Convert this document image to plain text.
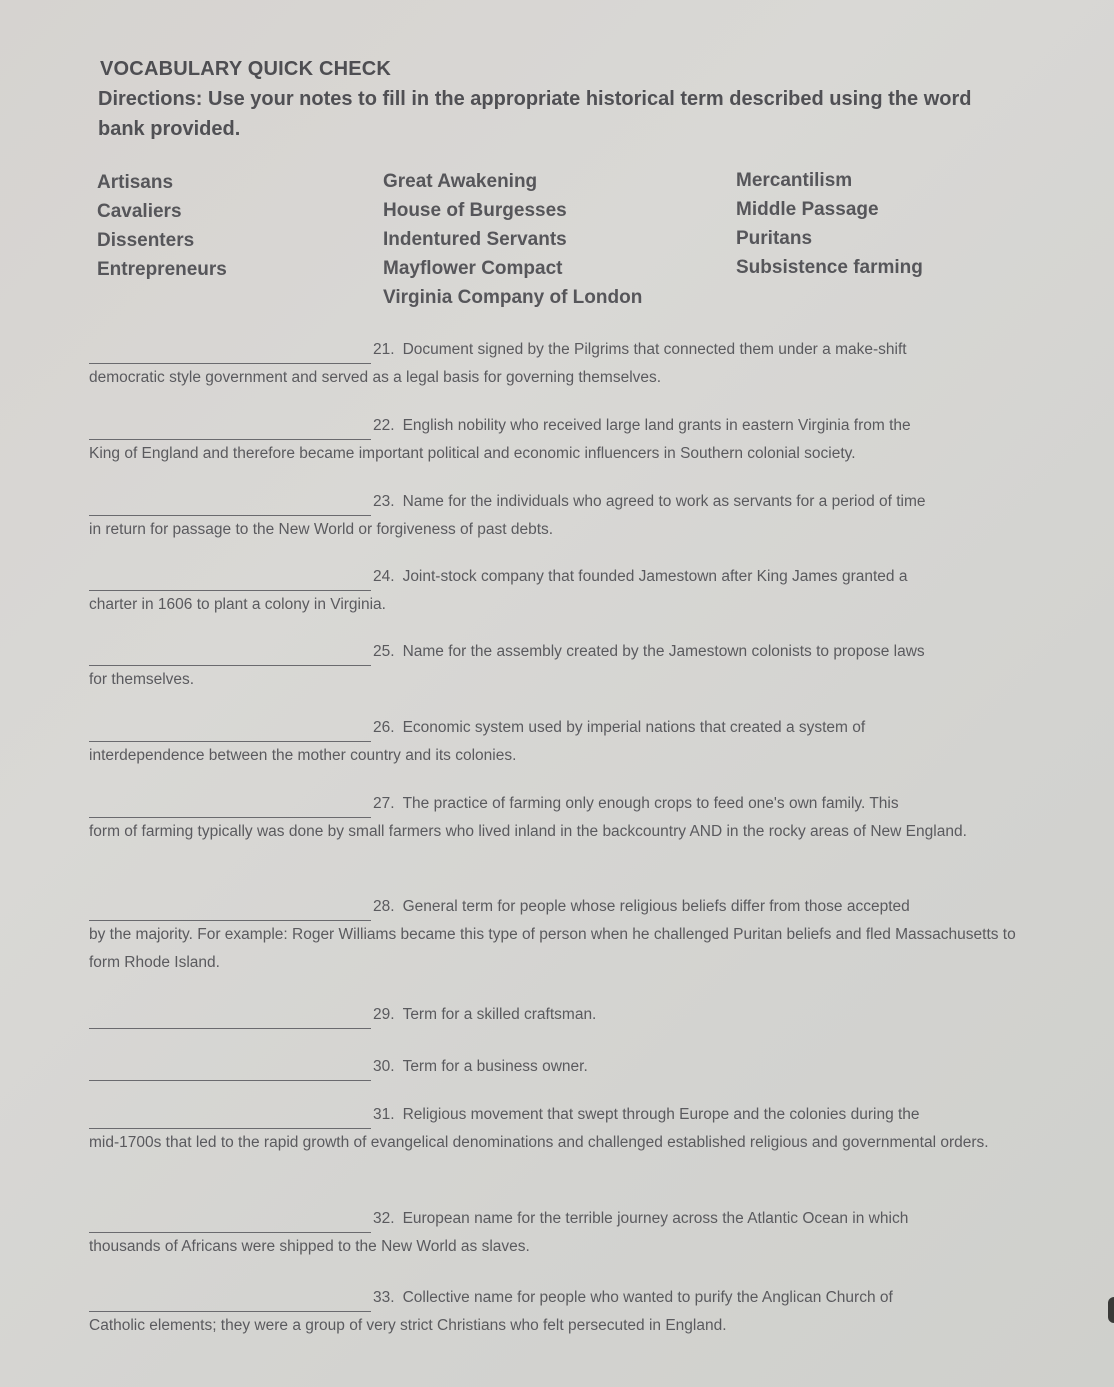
VOCABULARY QUICK CHECK
Directions: Use your notes to fill in the appropriate historical term described using the word bank provided.
Artisans
Cavaliers
Dissenters
Entrepreneurs
Great Awakening
House of Burgesses
Indentured Servants
Mayflower Compact
Virginia Company of London
Mercantilism
Middle Passage
Puritans
Subsistence farming
21. Document signed by the Pilgrims that connected them under a make-shift
democratic style government and served as a legal basis for governing themselves.
22. English nobility who received large land grants in eastern Virginia from the
King of England and therefore became important political and economic influencers in Southern colonial society.
23. Name for the individuals who agreed to work as servants for a period of time
in return for passage to the New World or forgiveness of past debts.
24. Joint-stock company that founded Jamestown after King James granted a
charter in 1606 to plant a colony in Virginia.
25. Name for the assembly created by the Jamestown colonists to propose laws
for themselves.
26. Economic system used by imperial nations that created a system of
interdependence between the mother country and its colonies.
27. The practice of farming only enough crops to feed one's own family. This
form of farming typically was done by small farmers who lived inland in the backcountry AND in the rocky areas of New England.
28. General term for people whose religious beliefs differ from those accepted
by the majority. For example: Roger Williams became this type of person when he challenged Puritan beliefs and fled Massachusetts to form Rhode Island.
29. Term for a skilled craftsman.
30. Term for a business owner.
31. Religious movement that swept through Europe and the colonies during the
mid-1700s that led to the rapid growth of evangelical denominations and challenged established religious and governmental orders.
32. European name for the terrible journey across the Atlantic Ocean in which
thousands of Africans were shipped to the New World as slaves.
33. Collective name for people who wanted to purify the Anglican Church of
Catholic elements; they were a group of very strict Christians who felt persecuted in England.
